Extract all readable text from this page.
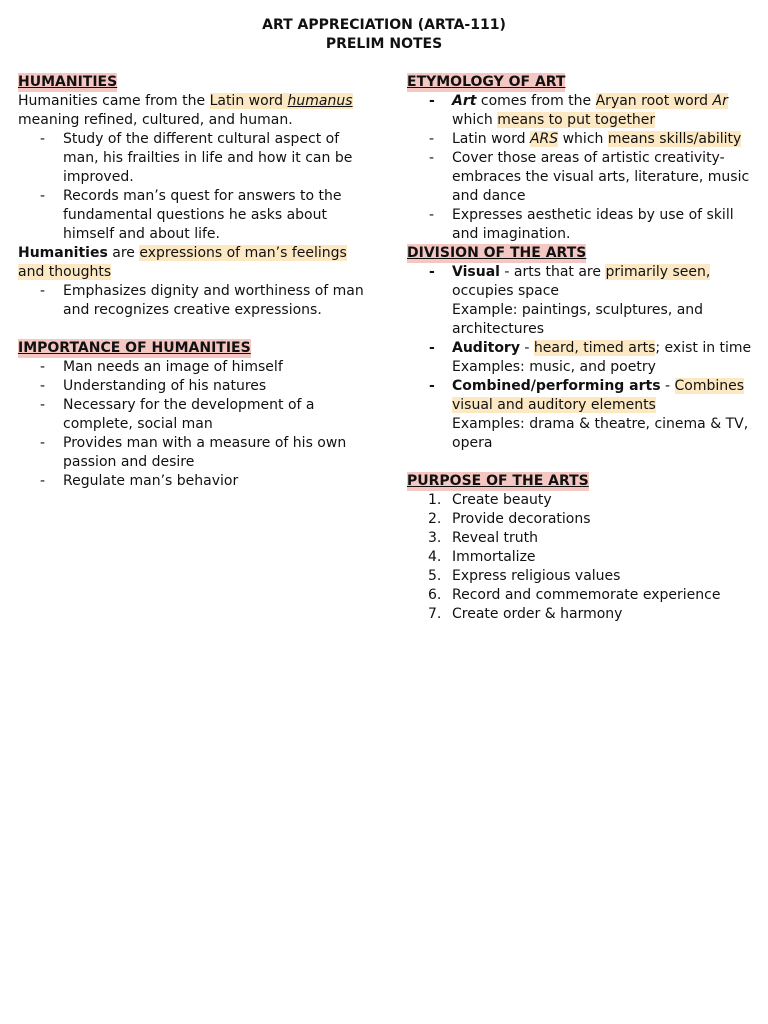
ART APPRECIATION (ARTA-111)
PRELIM NOTES
HUMANITIES

Humanities came from the Latin word humanus meaning refined, cultured, and human.

- Study of the different cultural aspect of man, his frailties in life and how it can be improved.
- Records man’s quest for answers to the fundamental questions he asks about himself and about life.

Humanities are expressions of man’s feelings and thoughts

- Emphasizes dignity and worthiness of man and recognizes creative expressions.
IMPORTANCE OF HUMANITIES
- Man needs an image of himself
- Understanding of his natures
- Necessary for the development of a complete, social man
- Provides man with a measure of his own passion and desire
- Regulate man’s behavior
ETYMOLOGY OF ART
- Art comes from the Aryan root word Ar which means to put together
- Latin word ARS which means skills/ability
- Cover those areas of artistic creativity- embraces the visual arts, literature, music and dance
- Expresses aesthetic ideas by use of skill and imagination.
DIVISION OF THE ARTS
- Visual - arts that are primarily seen, occupies space
Example: paintings, sculptures, and architectures
- Auditory - heard, timed arts; exist in time
Examples: music, and poetry
- Combined/performing arts - Combines visual and auditory elements
Examples: drama & theatre, cinema & TV, opera
PURPOSE OF THE ARTS
1. Create beauty
2. Provide decorations
3. Reveal truth
4. Immortalize
5. Express religious values
6. Record and commemorate experience
7. Create order & harmony
